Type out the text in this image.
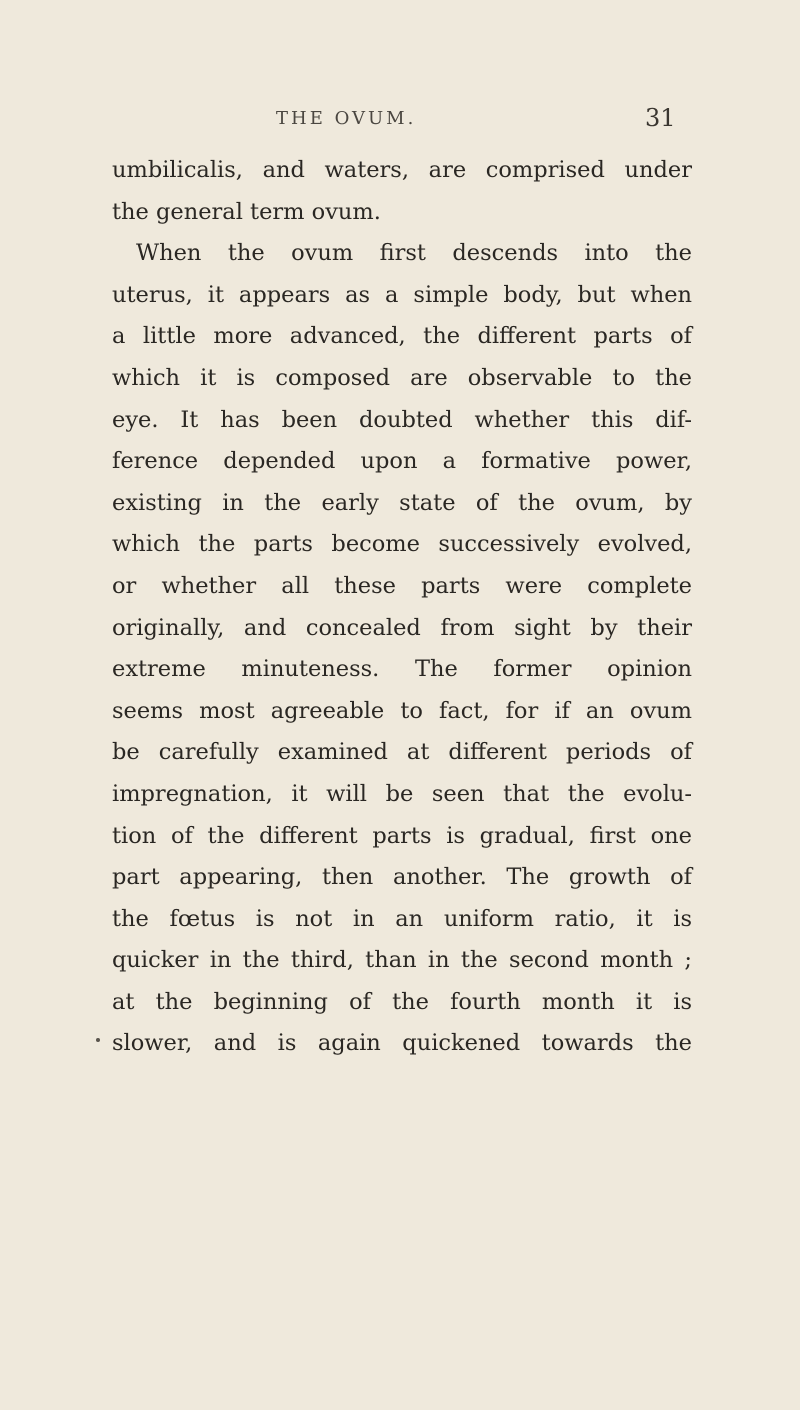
THE OVUM.	31
umbilicalis, and waters, are comprised under
the general term ovum.
When the ovum first descends into the
uterus, it appears as a simple body, but when
a little more advanced, the different parts of
which it is composed are observable to the
eye. It has been doubted whether this dif-
ference depended upon a formative power,
existing in the early state of the ovum, by
which the parts become successively evolved,
or whether all these parts were complete
originally, and concealed from sight by their
extreme minuteness. The former opinion
seems most agreeable to fact, for if an ovum
be carefully examined at different periods of
impregnation, it will be seen that the evolu-
tion of the different parts is gradual, first one
part appearing, then another. The growth of
the fœtus is not in an uniform ratio, it is
quicker in the third, than in the second month ;
at the beginning of the fourth month it is
slower, and is again quickened towards the
